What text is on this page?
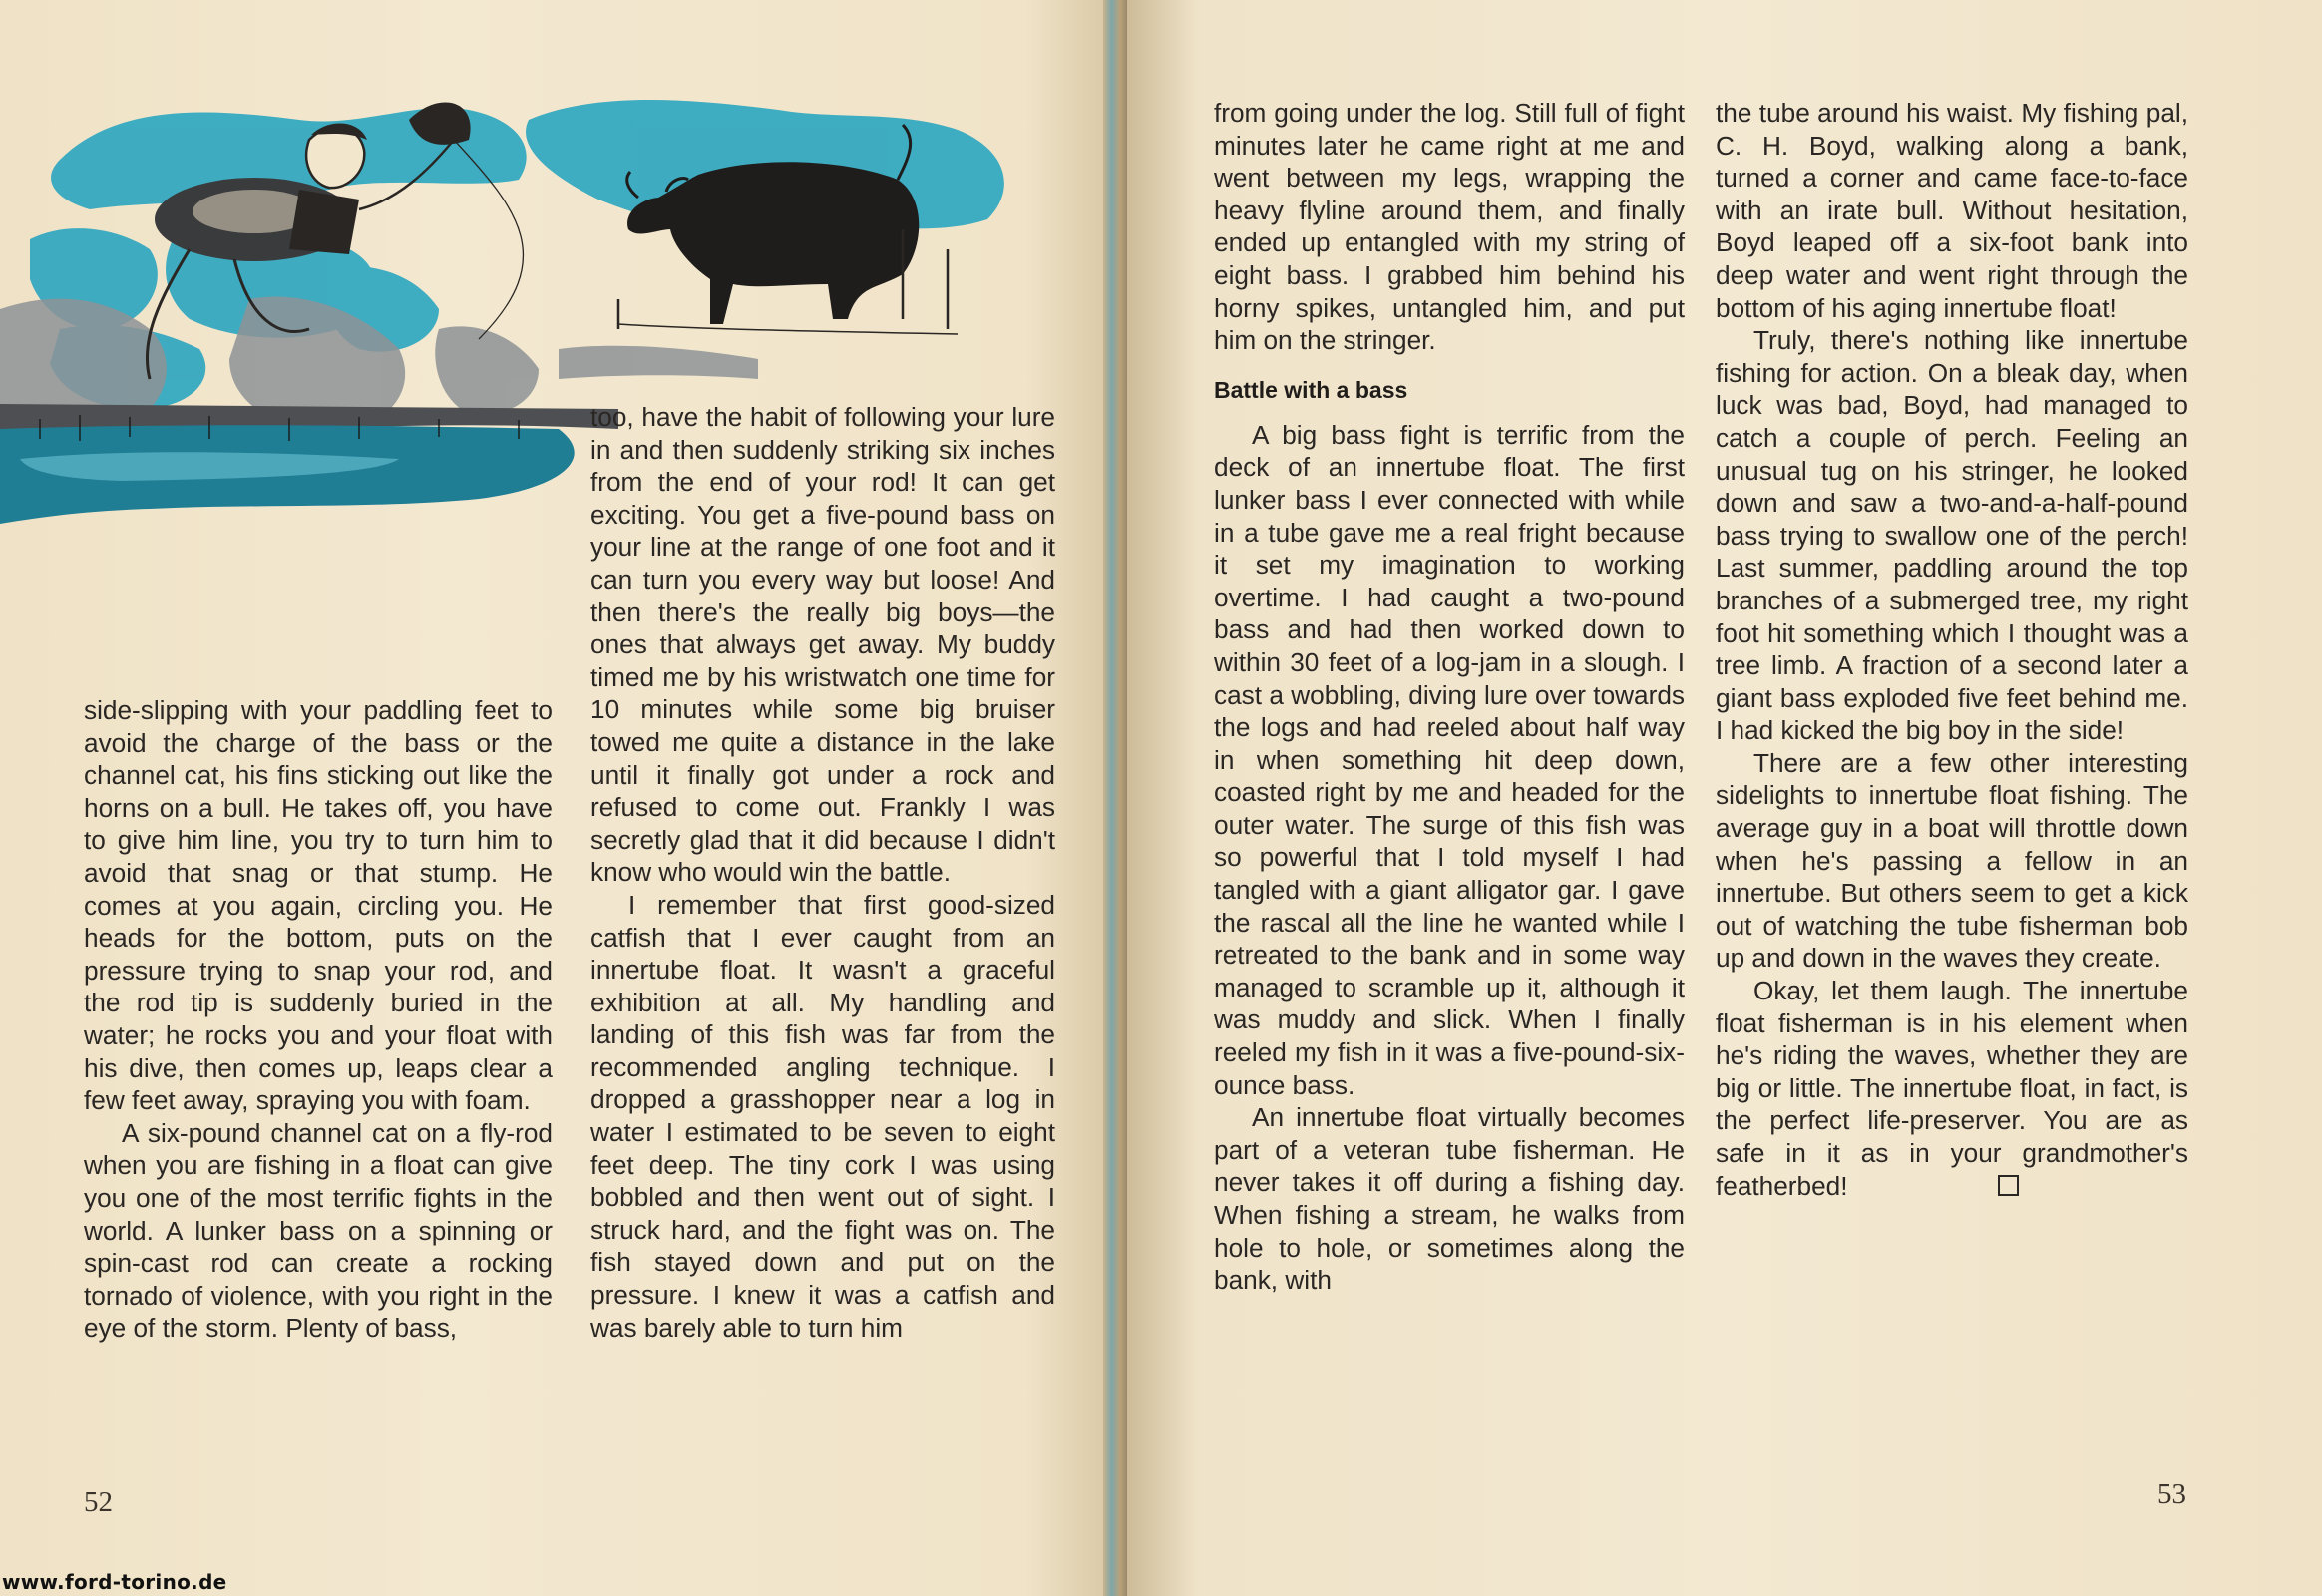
side-slipping with your paddling feet to avoid the charge of the bass or the channel cat, his fins sticking out like the horns on a bull. He takes off, you have to give him line, you try to turn him to avoid that snag or that stump. He comes at you again, circling you. He heads for the bottom, puts on the pressure trying to snap your rod, and the rod tip is suddenly buried in the water; he rocks you and your float with his dive, then comes up, leaps clear a few feet away, spraying you with foam.

A six-pound channel cat on a fly-rod when you are fishing in a float can give you one of the most terrific fights in the world. A lunker bass on a spinning or spin-cast rod can create a rocking tornado of violence, with you right in the eye of the storm. Plenty of bass,

too, have the habit of following your lure in and then suddenly striking six inches from the end of your rod! It can get exciting. You get a five-pound bass on your line at the range of one foot and it can turn you every way but loose! And then there's the really big boys—the ones that always get away. My buddy timed me by his wristwatch one time for 10 minutes while some big bruiser towed me quite a distance in the lake until it finally got under a rock and refused to come out. Frankly I was secretly glad that it did because I didn't know who would win the battle.

I remember that first good-sized catfish that I ever caught from an innertube float. It wasn't a graceful exhibition at all. My handling and landing of this fish was far from the recommended angling technique. I dropped a grasshopper near a log in water I estimated to be seven to eight feet deep. The tiny cork I was using bobbled and then went out of sight. I struck hard, and the fight was on. The fish stayed down and put on the pressure. I knew it was a catfish and was barely able to turn him

52

from going under the log. Still full of fight minutes later he came right at me and went between my legs, wrapping the heavy flyline around them, and finally ended up entangled with my string of eight bass. I grabbed him behind his horny spikes, untangled him, and put him on the stringer.

Battle with a bass

A big bass fight is terrific from the deck of an innertube float. The first lunker bass I ever connected with while in a tube gave me a real fright because it set my imagination to working overtime. I had caught a two-pound bass and had then worked down to within 30 feet of a log-jam in a slough. I cast a wobbling, diving lure over towards the logs and had reeled about half way in when something hit deep down, coasted right by me and headed for the outer water. The surge of this fish was so powerful that I told myself I had tangled with a giant alligator gar. I gave the rascal all the line he wanted while I retreated to the bank and in some way managed to scramble up it, although it was muddy and slick. When I finally reeled my fish in it was a five-pound-six-ounce bass.

An innertube float virtually becomes part of a veteran tube fisherman. He never takes it off during a fishing day. When fishing a stream, he walks from hole to hole, or sometimes along the bank, with

the tube around his waist. My fishing pal, C. H. Boyd, walking along a bank, turned a corner and came face-to-face with an irate bull. Without hesitation, Boyd leaped off a six-foot bank into deep water and went right through the bottom of his aging innertube float!

Truly, there's nothing like innertube fishing for action. On a bleak day, when luck was bad, Boyd, had managed to catch a couple of perch. Feeling an unusual tug on his stringer, he looked down and saw a two-and-a-half-pound bass trying to swallow one of the perch! Last summer, paddling around the top branches of a submerged tree, my right foot hit something which I thought was a tree limb. A fraction of a second later a giant bass exploded five feet behind me. I had kicked the big boy in the side!

There are a few other interesting sidelights to innertube float fishing. The average guy in a boat will throttle down when he's passing a fellow in an innertube. But others seem to get a kick out of watching the tube fisherman bob up and down in the waves they create.

Okay, let them laugh. The innertube float fisherman is in his element when he's riding the waves, whether they are big or little. The innertube float, in fact, is the perfect life-preserver. You are as safe in it as in your grandmother's featherbed!

53
www.ford-torino.de
